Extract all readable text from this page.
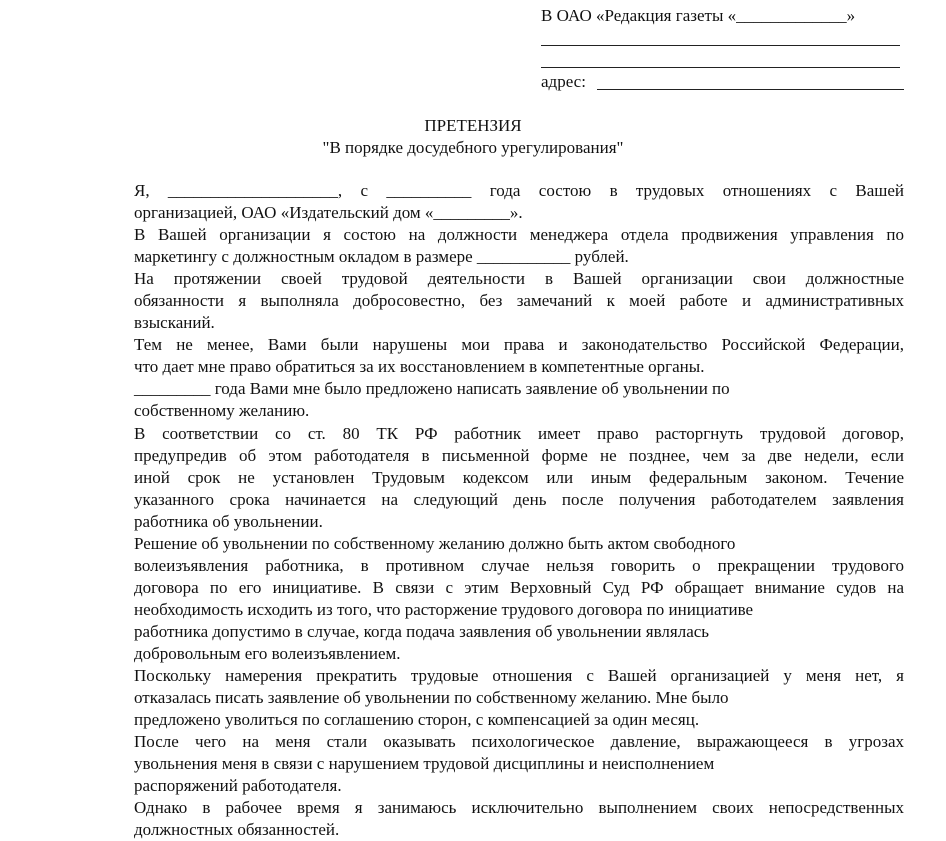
В ОАО «Редакция газеты «_____________»
адрес:
ПРЕТЕНЗИЯ
"В порядке досудебного урегулирования"
Я, ____________________, с __________ года состою в трудовых отношениях с Вашей
организацией, ОАО «Издательский дом «_________».
В Вашей организации я состою на должности менеджера отдела продвижения управления по
маркетингу с должностным окладом в размере ___________ рублей.
На протяжении своей трудовой деятельности в Вашей организации свои должностные
обязанности я выполняла добросовестно, без замечаний к моей работе и административных
взысканий.
Тем не менее, Вами были нарушены мои права и законодательство Российской Федерации,
что дает мне право обратиться за их восстановлением в компетентные органы.
_________ года Вами мне было предложено написать заявление об увольнении по
собственному желанию.
В соответствии со ст. 80 ТК РФ работник имеет право расторгнуть трудовой договор,
предупредив об этом работодателя в письменной форме не позднее, чем за две недели, если
иной срок не установлен Трудовым кодексом или иным федеральным законом. Течение
указанного срока начинается на следующий день после получения работодателем заявления
работника об увольнении.
Решение об увольнении по собственному желанию должно быть актом свободного
волеизъявления работника, в противном случае нельзя говорить о прекращении трудового
договора по его инициативе. В связи с этим Верховный Суд РФ обращает внимание судов на
необходимость исходить из того, что расторжение трудового договора по инициативе
работника допустимо в случае, когда подача заявления об увольнении являлась
добровольным его волеизъявлением.
Поскольку намерения прекратить трудовые отношения с Вашей организацией у меня нет, я
отказалась писать заявление об увольнении по собственному желанию. Мне было
предложено уволиться по соглашению сторон, с компенсацией за один месяц.
После чего на меня стали оказывать психологическое давление, выражающееся в угрозах
увольнения меня в связи с нарушением трудовой дисциплины и неисполнением
распоряжений работодателя.
Однако в рабочее время я занимаюсь исключительно выполнением своих непосредственных
должностных обязанностей.
